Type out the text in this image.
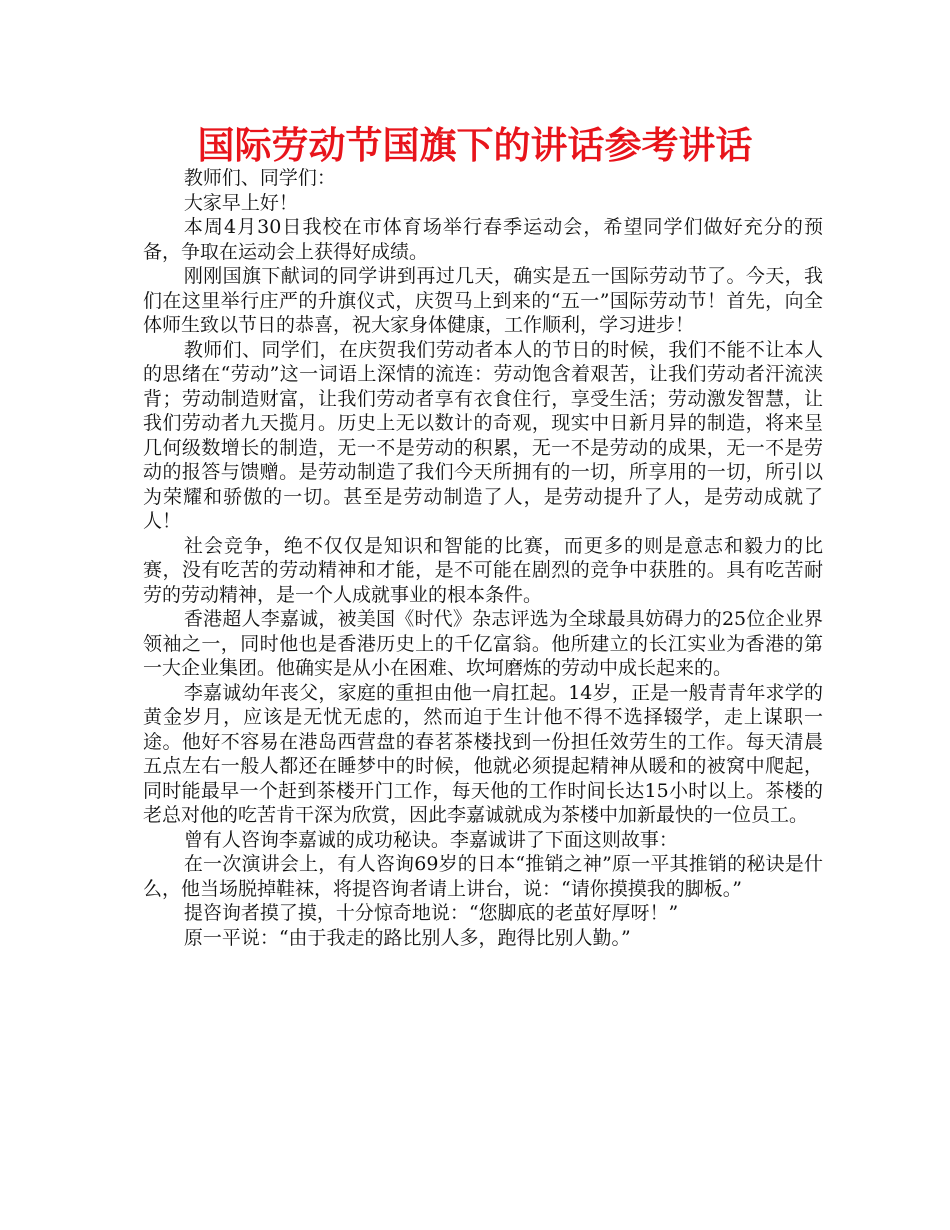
国际劳动节国旗下的讲话参考讲话

教师们、同学们：

大家早上好！

本周4月30日我校在市体育场举行春季运动会，希望同学们做好充分的预备，争取在运动会上获得好成绩。

刚刚国旗下献词的同学讲到再过几天，确实是五一国际劳动节了。今天，我们在这里举行庄严的升旗仪式，庆贺马上到来的“五一”国际劳动节！首先，向全体师生致以节日的恭喜，祝大家身体健康，工作顺利，学习进步！

教师们、同学们，在庆贺我们劳动者本人的节日的时候，我们不能不让本人的思绪在“劳动”这一词语上深情的流连：劳动饱含着艰苦，让我们劳动者汗流浃背；劳动制造财富，让我们劳动者享有衣食住行，享受生活；劳动激发智慧，让我们劳动者九天揽月。历史上无以数计的奇观，现实中日新月异的制造，将来呈几何级数增长的制造，无一不是劳动的积累，无一不是劳动的成果，无一不是劳动的报答与馈赠。是劳动制造了我们今天所拥有的一切，所享用的一切，所引以为荣耀和骄傲的一切。甚至是劳动制造了人，是劳动提升了人，是劳动成就了人！

社会竞争，绝不仅仅是知识和智能的比赛，而更多的则是意志和毅力的比赛，没有吃苦的劳动精神和才能，是不可能在剧烈的竞争中获胜的。具有吃苦耐劳的劳动精神，是一个人成就事业的根本条件。

香港超人李嘉诚，被美国《时代》杂志评选为全球最具妨碍力的25位企业界领袖之一，同时他也是香港历史上的千亿富翁。他所建立的长江实业为香港的第一大企业集团。他确实是从小在困难、坎坷磨炼的劳动中成长起来的。

李嘉诚幼年丧父，家庭的重担由他一肩扛起。14岁，正是一般青青年求学的黄金岁月，应该是无忧无虑的，然而迫于生计他不得不选择辍学，走上谋职一途。他好不容易在港岛西营盘的春茗茶楼找到一份担任效劳生的工作。每天清晨五点左右一般人都还在睡梦中的时候，他就必须提起精神从暖和的被窝中爬起，同时能最早一个赶到茶楼开门工作，每天他的工作时间长达15小时以上。茶楼的老总对他的吃苦肯干深为欣赏，因此李嘉诚就成为茶楼中加新最快的一位员工。

曾有人咨询李嘉诚的成功秘诀。李嘉诚讲了下面这则故事：

在一次演讲会上，有人咨询69岁的日本“推销之神”原一平其推销的秘诀是什么，他当场脱掉鞋袜，将提咨询者请上讲台，说：“请你摸摸我的脚板。”

提咨询者摸了摸，十分惊奇地说：“您脚底的老茧好厚呀！”

原一平说：“由于我走的路比别人多，跑得比别人勤。”
